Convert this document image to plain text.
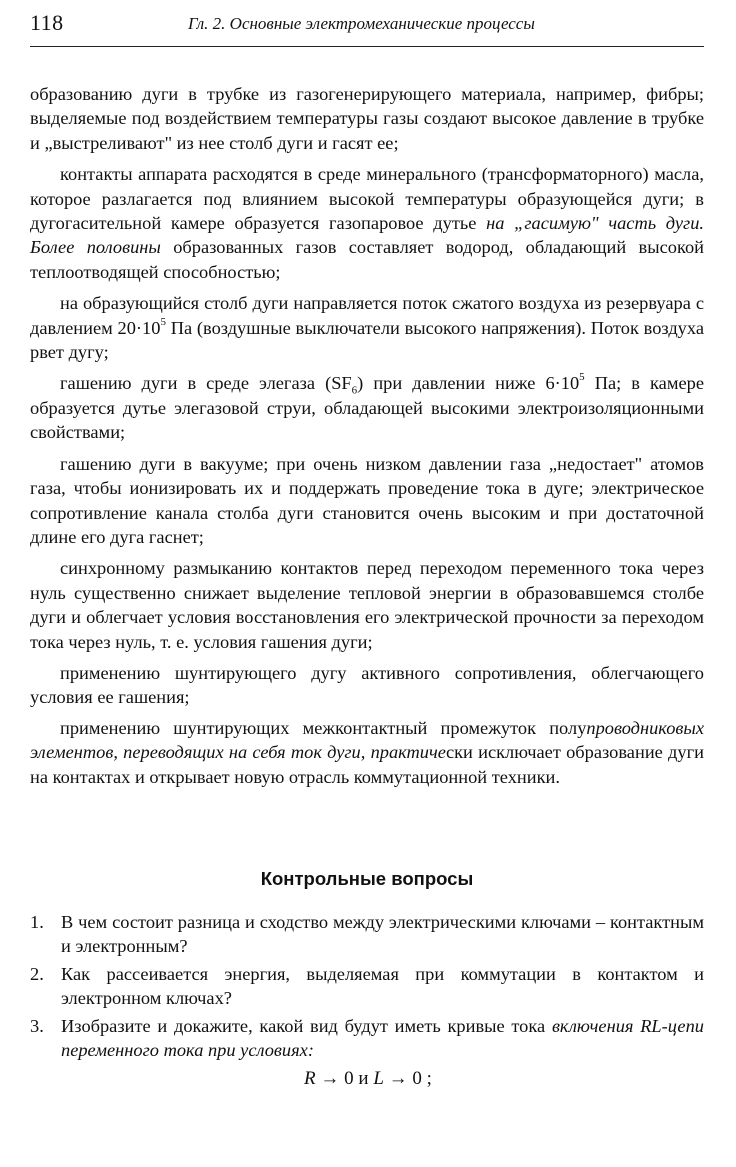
118	Гл. 2. Основные электромеханические процессы

образованию дуги в трубке из газогенерирующего материала, например, фибры; выделяемые под воздействием температуры газы создают высокое давление в трубке и „выстреливают" из нее столб дуги и гасят ее;

контакты аппарата расходятся в среде минерального (трансформаторного) масла, которое разлагается под влиянием высокой температуры образующейся дуги; в дугогасительной камере образуется газопаровое дутье на „гасимую" часть дуги. Более половины образованных газов составляет водород, обладающий высокой теплоотводящей способностью;

на образующийся столб дуги направляется поток сжатого воздуха из резервуара с давлением $20\cdot 10^5$ Па (воздушные выключатели высокого напряжения). Поток воздуха рвет дугу;

гашению дуги в среде элегаза $(SF_6)$ при давлении ниже $6\cdot 10^5$ Па; в камере образуется дутье элегазовой струи, обладающей высокими электроизоляционными свойствами;

гашению дуги в вакууме; при очень низком давлении газа „недостает" атомов газа, чтобы ионизировать их и поддержать проведение тока в дуге; электрическое сопротивление канала столба дуги становится очень высоким и при достаточной длине его дуга гаснет;

синхронному размыканию контактов перед переходом переменного тока через нуль существенно снижает выделение тепловой энергии в образовавшемся столбе дуги и облегчает условия восстановления его электрической прочности за переходом тока через нуль, т. е. условия гашения дуги;

применению шунтирующего дугу активного сопротивления, облегчающего условия ее гашения;

применению шунтирующих межконтактный промежуток полупроводниковых элементов, переводящих на себя ток дуги, практически исключает образование дуги на контактах и открывает новую отрасль коммутационной техники.

Контрольные вопросы
1. В чем состоит разница и сходство между электрическими ключами – контактным и электронным?
2. Как рассеивается энергия, выделяемая при коммутации в контактом и электронном ключах?
3. Изобразите и докажите, какой вид будут иметь кривые тока включения RL-цепи переменного тока при условиях:
R → 0 и L → 0 ;
